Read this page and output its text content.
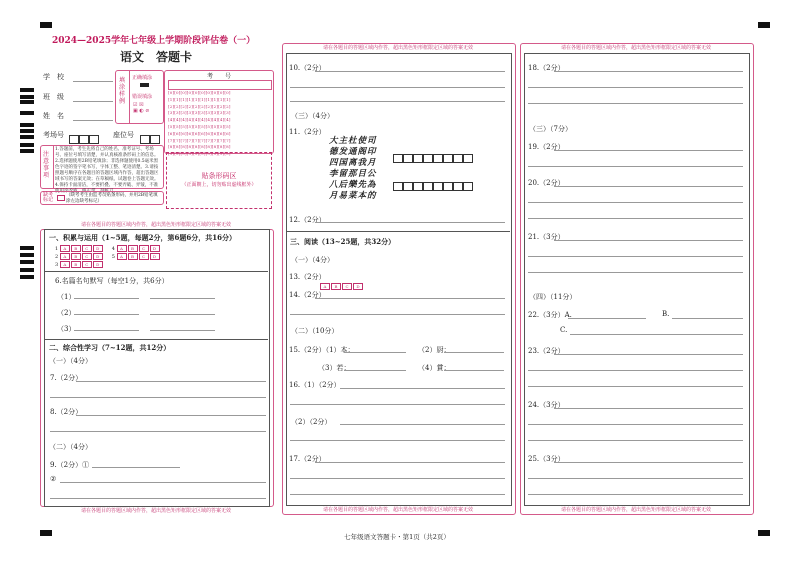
2024—2025学年七年级上学期阶段评估卷（一）
语文　答题卡
学　校
班　级
姓　名
考场号	座位号
填涂样例
正确填涂
错误填涂
☑ ☒
▣ ◐ ⊘
考　　号
[0][0][0][0][0][0][0][0][0][0]
[1][1][1][1][1][1][1][1][1][1]
[2][2][2][2][2][2][2][2][2][2]
[3][3][3][3][3][3][3][3][3][3]
[4][4][4][4][4][4][4][4][4][4]
[5][5][5][5][5][5][5][5][5][5]
[6][6][6][6][6][6][6][6][6][6]
[7][7][7][7][7][7][7][7][7][7]
[8][8][8][8][8][8][8][8][8][8]
[9][9][9][9][9][9][9][9][9][9]
注意事项
1.答题前，考生先将自己的姓名、准考证号、考场号、座位号填写清楚，并认真核准条形码上的信息。2.选择题使用2B铅笔填涂；非选择题使用0.5毫米黑色字迹的签字笔书写，字体工整、笔迹清楚。3.请按照题号顺序在各题目的答题区域内作答，超出答题区域书写的答案无效；在草稿纸、试题卷上答题无效。4.保持卡面清洁，不要折叠、不要弄破、弄皱，不准使用涂改液、修正带、刮纸刀。
缺考标记
（缺考考生由监考员贴条形码，并用2B铅笔填涂左边缺考标记）
贴条形码区
（正面朝上，切勿贴出虚线框外）
请在各题目的答题区域内作答，超出黑色矩形框限定区域的答案无效
请在各题目的答题区域内作答，超出黑色矩形框限定区域的答案无效
一、积累与运用（1~5题，每题2分，第6题6分，共16分）
1 A B C D     4 A B C D
2 A B C D     5 A B C D
3 A B C D
6.名篇名句默写（每空1分，共6分）
（1）
（2）
（3）
二、综合性学习（7~12题，共12分）
（一）（4分）
7.（2分）
8.（2分）
（二）（4分）
9.（2分）①
②
请在各题目的答题区域内作答，超出黑色矩形框限定区域的答案无效
请在各题目的答题区域内作答，超出黑色矩形框限定区域的答案无效
10.（2分）
（三）（4分）
11.（2分）
大主杜使司
德发通阁印
四国离我月
李留那目公
八后樂先為
月易菜本的
12.（2分）
三、阅读（13~25题，共32分）
（一）（4分）
13.（2分）
A B C D
14.（2分）
（二）（10分）
15.（2分）（1）本：	（2）厨：
（3）若：	（4）賞：
16.（1）（2分）
（2）（2分）
17.（2分）
请在各题目的答题区域内作答，超出黑色矩形框限定区域的答案无效
请在各题目的答题区域内作答，超出黑色矩形框限定区域的答案无效
18.（2分）
（三）（7分）
19.（2分）
20.（2分）
21.（3分）
（四）（11分）
22.（3分）A.	B.
C.
23.（2分）
24.（3分）
25.（3分）
七年级语文答题卡・第1页（共2页）
